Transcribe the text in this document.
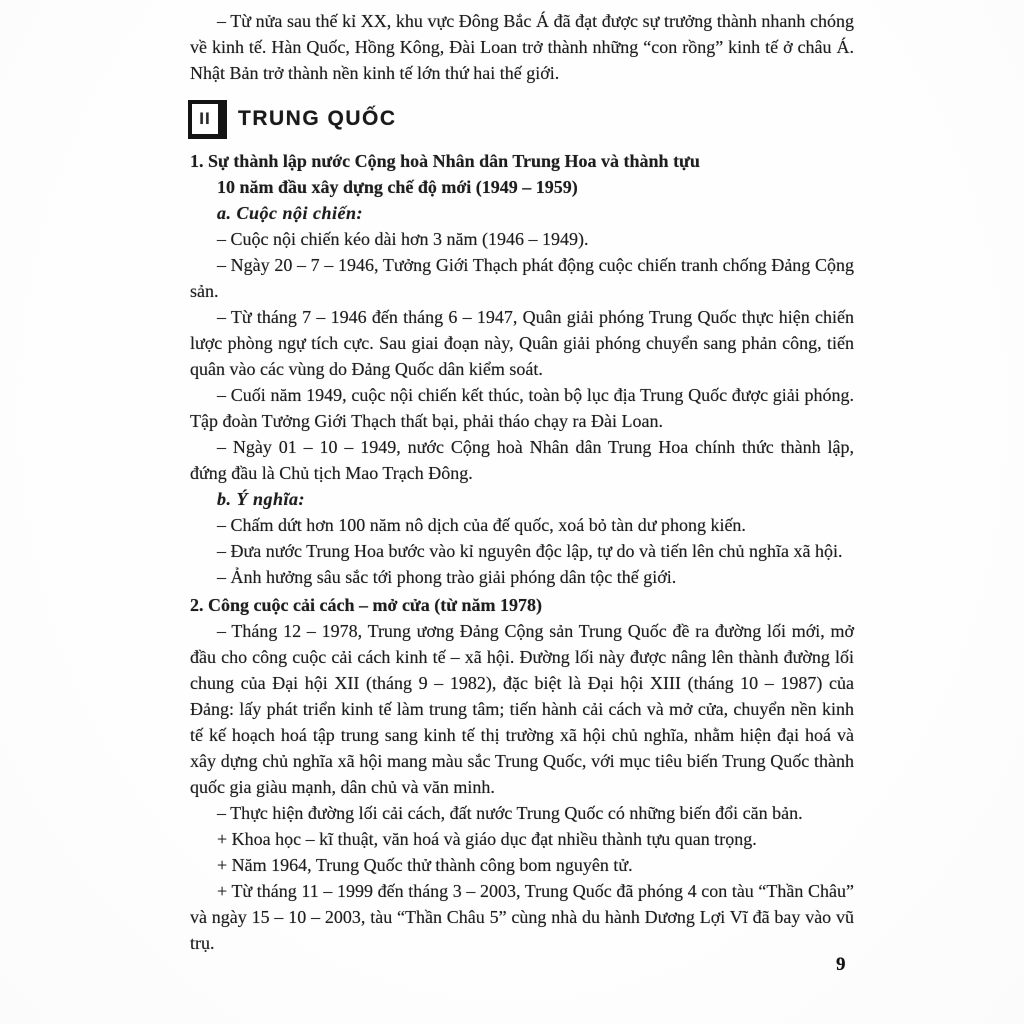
– Từ nửa sau thế kỉ XX, khu vực Đông Bắc Á đã đạt được sự trưởng thành nhanh chóng về kinh tế. Hàn Quốc, Hồng Kông, Đài Loan trở thành những “con rồng” kinh tế ở châu Á. Nhật Bản trở thành nền kinh tế lớn thứ hai thế giới.

II	TRUNG QUỐC
1. Sự thành lập nước Cộng hoà Nhân dân Trung Hoa và thành tựu
10 năm đầu xây dựng chế độ mới (1949 – 1959)

a. Cuộc nội chiến:

– Cuộc nội chiến kéo dài hơn 3 năm (1946 – 1949).

– Ngày 20 – 7 – 1946, Tưởng Giới Thạch phát động cuộc chiến tranh chống Đảng Cộng sản.

– Từ tháng 7 – 1946 đến tháng 6 – 1947, Quân giải phóng Trung Quốc thực hiện chiến lược phòng ngự tích cực. Sau giai đoạn này, Quân giải phóng chuyển sang phản công, tiến quân vào các vùng do Đảng Quốc dân kiểm soát.

– Cuối năm 1949, cuộc nội chiến kết thúc, toàn bộ lục địa Trung Quốc được giải phóng. Tập đoàn Tưởng Giới Thạch thất bại, phải tháo chạy ra Đài Loan.

– Ngày 01 – 10 – 1949, nước Cộng hoà Nhân dân Trung Hoa chính thức thành lập, đứng đầu là Chủ tịch Mao Trạch Đông.

b. Ý nghĩa:

– Chấm dứt hơn 100 năm nô dịch của đế quốc, xoá bỏ tàn dư phong kiến.

– Đưa nước Trung Hoa bước vào kỉ nguyên độc lập, tự do và tiến lên chủ nghĩa xã hội.

– Ảnh hưởng sâu sắc tới phong trào giải phóng dân tộc thế giới.

2. Công cuộc cải cách – mở cửa (từ năm 1978)

– Tháng 12 – 1978, Trung ương Đảng Cộng sản Trung Quốc đề ra đường lối mới, mở đầu cho công cuộc cải cách kinh tế – xã hội. Đường lối này được nâng lên thành đường lối chung của Đại hội XII (tháng 9 – 1982), đặc biệt là Đại hội XIII (tháng 10 – 1987) của Đảng: lấy phát triển kinh tế làm trung tâm; tiến hành cải cách và mở cửa, chuyển nền kinh tế kế hoạch hoá tập trung sang kinh tế thị trường xã hội chủ nghĩa, nhằm hiện đại hoá và xây dựng chủ nghĩa xã hội mang màu sắc Trung Quốc, với mục tiêu biến Trung Quốc thành quốc gia giàu mạnh, dân chủ và văn minh.

– Thực hiện đường lối cải cách, đất nước Trung Quốc có những biến đổi căn bản.

+ Khoa học – kĩ thuật, văn hoá và giáo dục đạt nhiều thành tựu quan trọng.

+ Năm 1964, Trung Quốc thử thành công bom nguyên tử.

+ Từ tháng 11 – 1999 đến tháng 3 – 2003, Trung Quốc đã phóng 4 con tàu “Thần Châu” và ngày 15 – 10 – 2003, tàu “Thần Châu 5” cùng nhà du hành Dương Lợi Vĩ đã bay vào vũ trụ.

9
